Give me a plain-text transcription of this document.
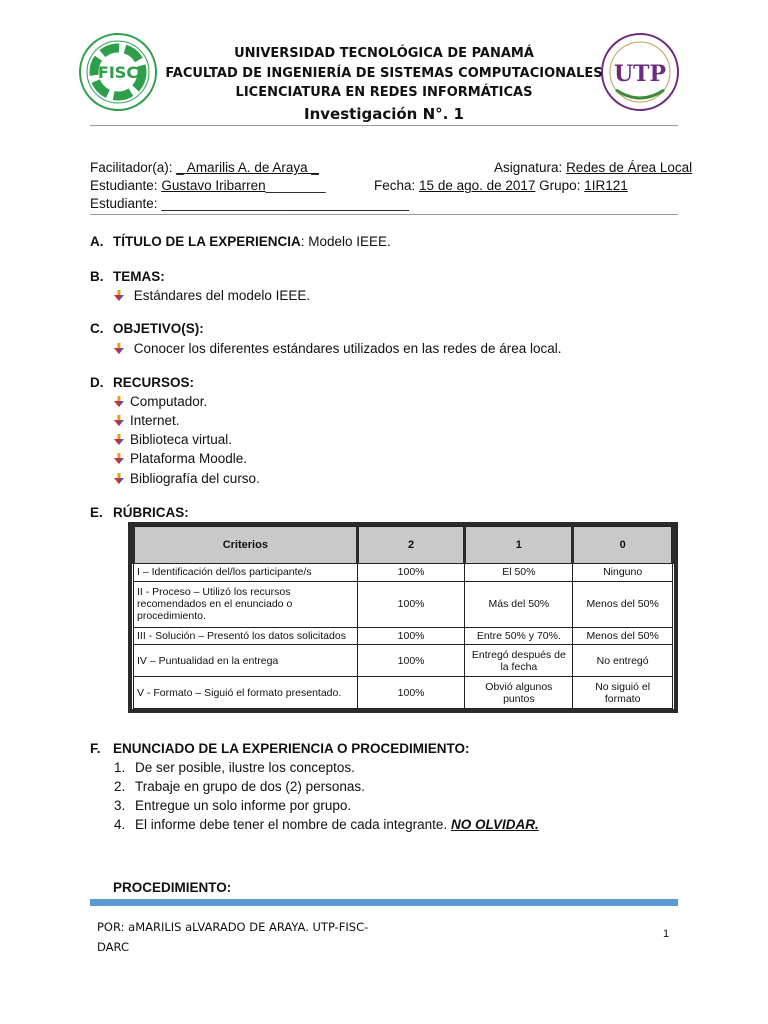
FISC	UTP
UNIVERSIDAD TECNOLÓGICA DE PANAMÁ
FACULTAD DE INGENIERÍA DE SISTEMAS COMPUTACIONALES
LICENCIATURA EN REDES INFORMÁTICAS
Investigación N°. 1
Facilitador(a): _ Amarilis A. de Araya _	Asignatura: Redes de Área Local
Estudiante: Gustavo Iribarren________	Fecha: 15 de ago. de 2017 Grupo: 1IR121
Estudiante: _________________________________
A. TÍTULO DE LA EXPERIENCIA: Modelo IEEE.
B. TEMAS:
Estándares del modelo IEEE.
C. OBJETIVO(S):
Conocer los diferentes estándares utilizados en las redes de área local.
D. RECURSOS:
Computador.
Internet.
Biblioteca virtual.
Plataforma Moodle.
Bibliografía del curso.
E. RÚBRICAS:
Criterios	2	1	0
I – Identificación del/los participante/s	100%	El 50%	Ninguno
II - Proceso – Utilizó los recursos recomendados en el enunciado o procedimiento.	100%	Más del 50%	Menos del 50%
III - Solución – Presentó los datos solicitados	100%	Entre 50% y 70%.	Menos del 50%
IV – Puntualidad en la entrega	100%	Entregó después de la fecha	No entregó
V - Formato – Siguió el formato presentado.	100%	Obvió algunos puntos	No siguió el formato
F. ENUNCIADO DE LA EXPERIENCIA O PROCEDIMIENTO:
1. De ser posible, ilustre los conceptos.
2. Trabaje en grupo de dos (2) personas.
3. Entregue un solo informe por grupo.
4. El informe debe tener el nombre de cada integrante. NO OLVIDAR.
PROCEDIMIENTO:
POR: aMARILIS aLVARADO DE ARAYA. UTP-FISC-DARC
1
